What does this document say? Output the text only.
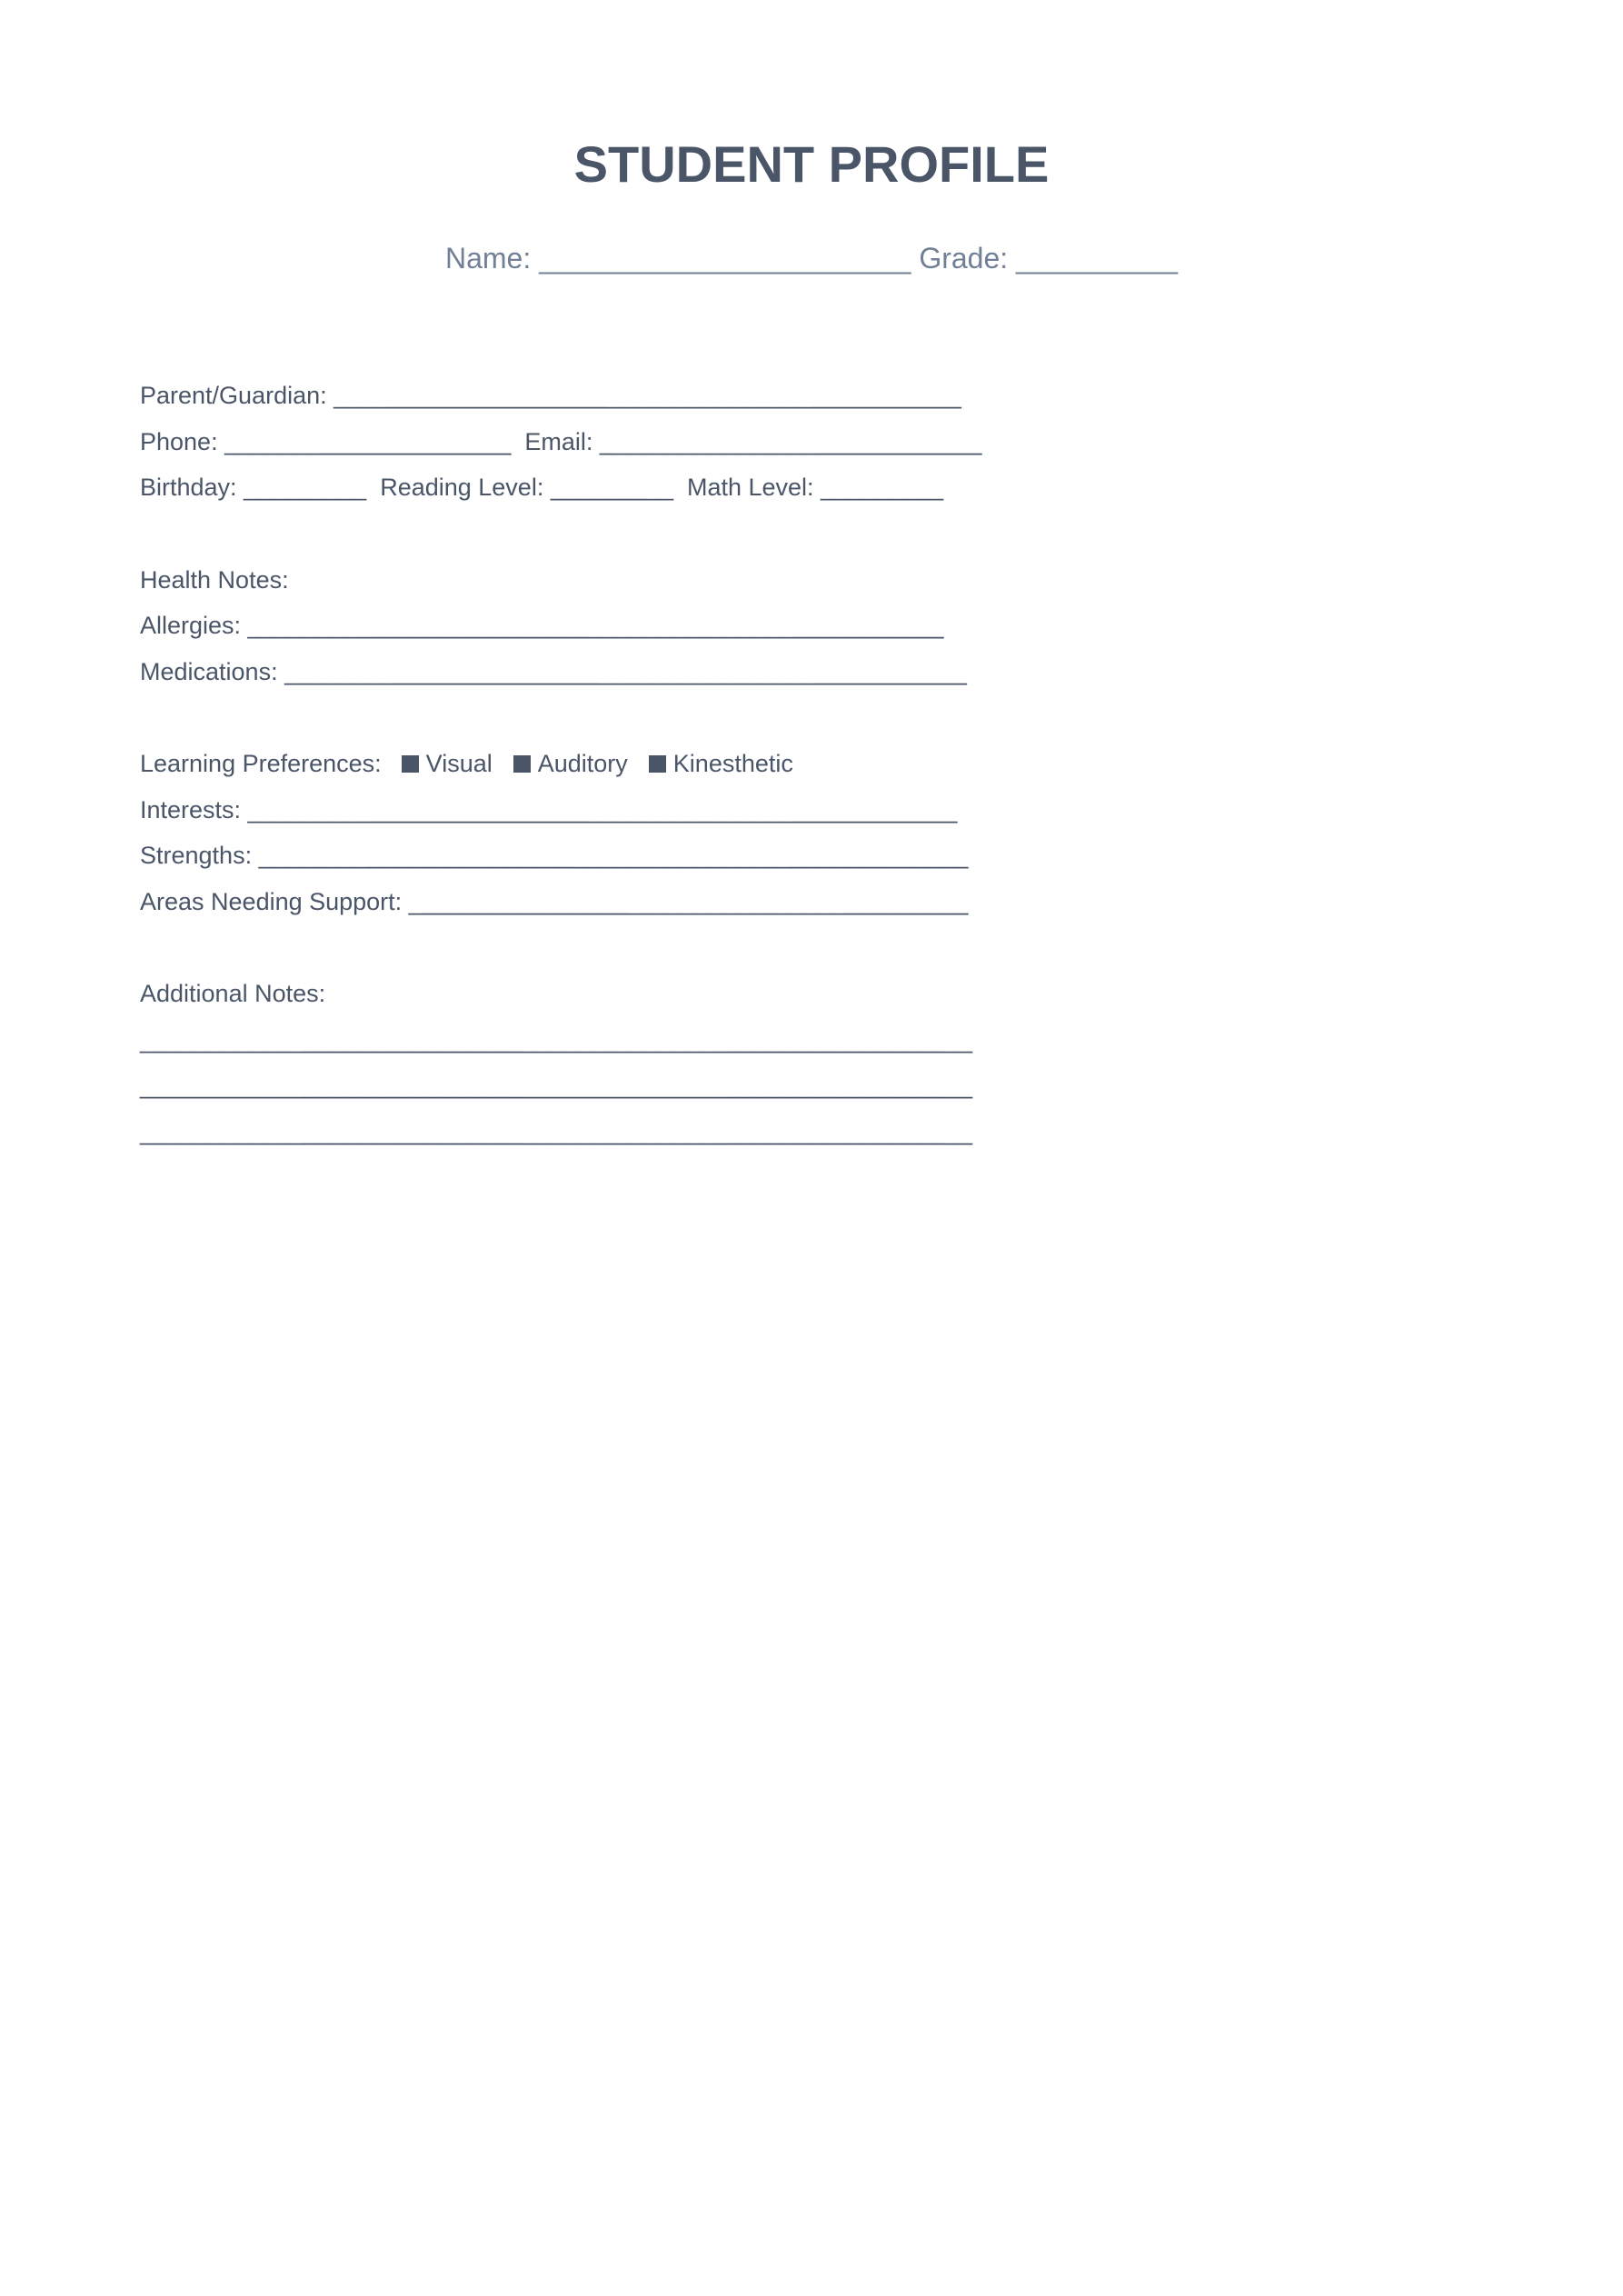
STUDENT PROFILE
Name: _______________________ Grade: __________
Parent/Guardian: ______________________________________________
Phone: _____________________  Email: ____________________________
Birthday: _________  Reading Level: _________  Math Level: _________
Health Notes:
Allergies: ___________________________________________________
Medications: __________________________________________________
Learning Preferences: Visual Auditory Kinesthetic
Interests: ____________________________________________________
Strengths: ____________________________________________________
Areas Needing Support: _________________________________________
Additional Notes:
_____________________________________________________________
_____________________________________________________________
_____________________________________________________________
